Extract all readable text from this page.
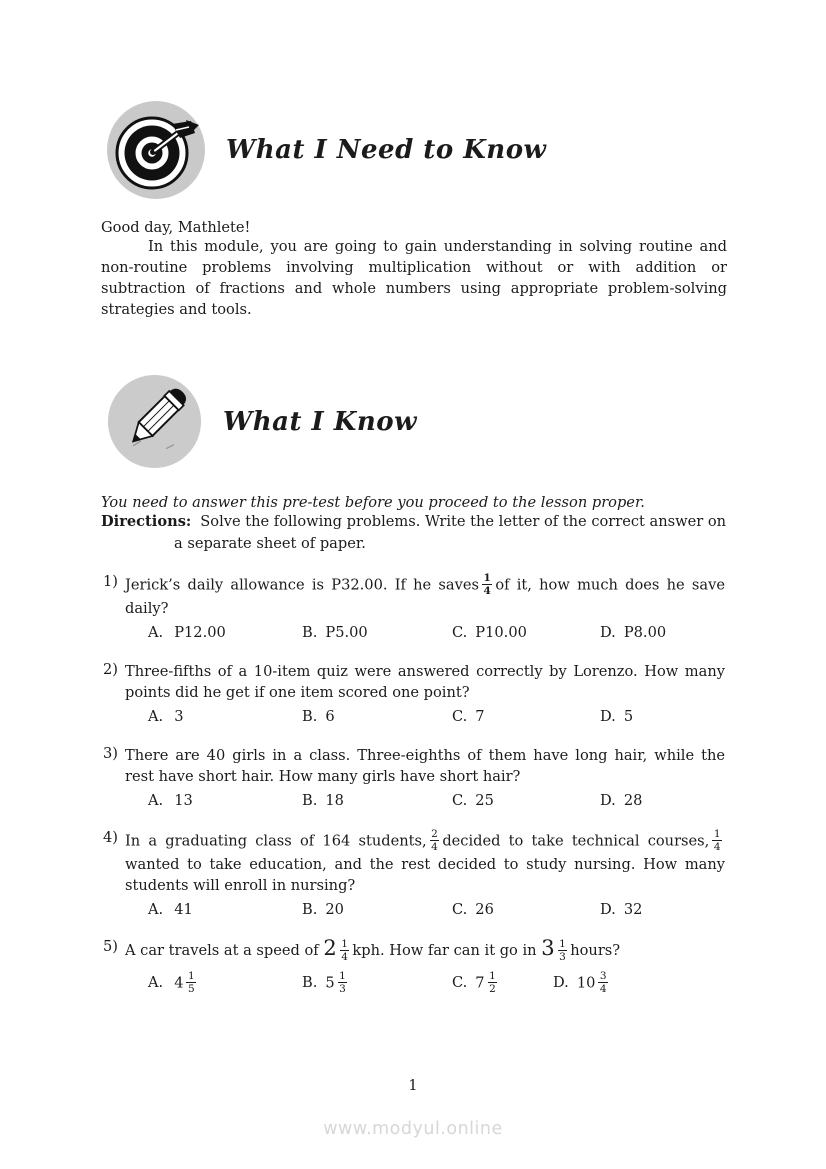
What I Need to Know

Good day, Mathlete!

In this module, you are going to gain understanding in solving routine and non-routine problems involving multiplication without or with addition or subtraction of fractions and whole numbers using appropriate problem-solving strategies and tools.

What I Know

You need to answer this pre-test before you proceed to the lesson proper.

Directions: Solve the following problems. Write the letter of the correct answer on a separate sheet of paper.

1) Jerick’s daily allowance is P32.00. If he saves $\frac{1}{4}$ of it, how much does he save daily?
A. P12.00	B. P5.00	C. P10.00	D. P8.00
2) Three-fifths of a 10-item quiz were answered correctly by Lorenzo. How many points did he get if one item scored one point?
A. 3	B. 6	C. 7	D. 5
3) There are 40 girls in a class. Three-eighths of them have long hair, while the rest have short hair. How many girls have short hair?
A. 13	B. 18	C. 25	D. 28
4) In a graduating class of 164 students, $\frac{2}{4}$ decided to take technical courses, $\frac{1}{4}$
wanted to take education, and the rest decided to study nursing. How many students will enroll in nursing?
A. 41	B. 20	C. 26	D. 32
5) A car travels at a speed of $2 \frac{1}{4}$ kph. How far can it go in $3 \frac{1}{3}$ hours?
A. $4 \frac{1}{5}$	B. $5 \frac{1}{3}$	C. $7 \frac{1}{2}$	D. $10 \frac{3}{4}$
1
www.modyul.online
